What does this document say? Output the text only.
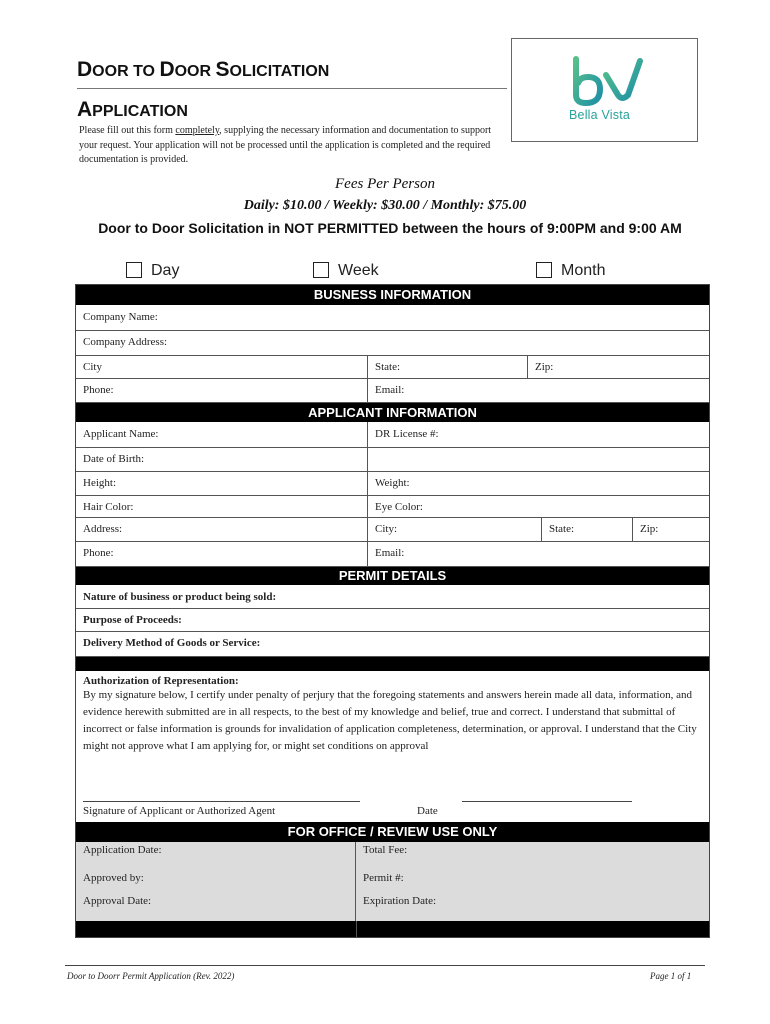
DOOR TO DOOR SOLICITATION
APPLICATION
Please fill out this form completely, supplying the necessary information and documentation to support your request. Your application will not be processed until the application is completed and the required documentation is provided.
Bella Vista
Fees Per Person
Daily: $10.00 / Weekly: $30.00 / Monthly: $75.00
Door to Door Solicitation in NOT PERMITTED between the hours of 9:00PM and 9:00 AM
Day	Week	Month
BUSNESS INFORMATION
Company Name:
Company Address:
City	State:	Zip:
Phone:	Email:
APPLICANT INFORMATION
Applicant Name:	DR License #:
Date of Birth:
Height:	Weight:
Hair Color:	Eye Color:
Address:	City:	State:	Zip:
Phone:	Email:
PERMIT DETAILS
Nature of business or product being sold:
Purpose of Proceeds:
Delivery Method of Goods or Service:
Authorization of Representation:
By my signature below, I certify under penalty of perjury that the foregoing statements and answers herein made all data, information, and evidence herewith submitted are in all respects, to the best of my knowledge and belief, true and correct. I understand that submittal of incorrect or false information is grounds for invalidation of application completeness, determination, or approval. I understand that the City might not approve what I am applying for, or might set conditions on approval
Signature of Applicant or Authorized Agent	Date
FOR OFFICE / REVIEW USE ONLY
Application Date:	Total Fee:
Approved by:	Permit #:
Approval Date:	Expiration Date:
Door to Doorr Permit Application (Rev. 2022)	Page 1 of 1
